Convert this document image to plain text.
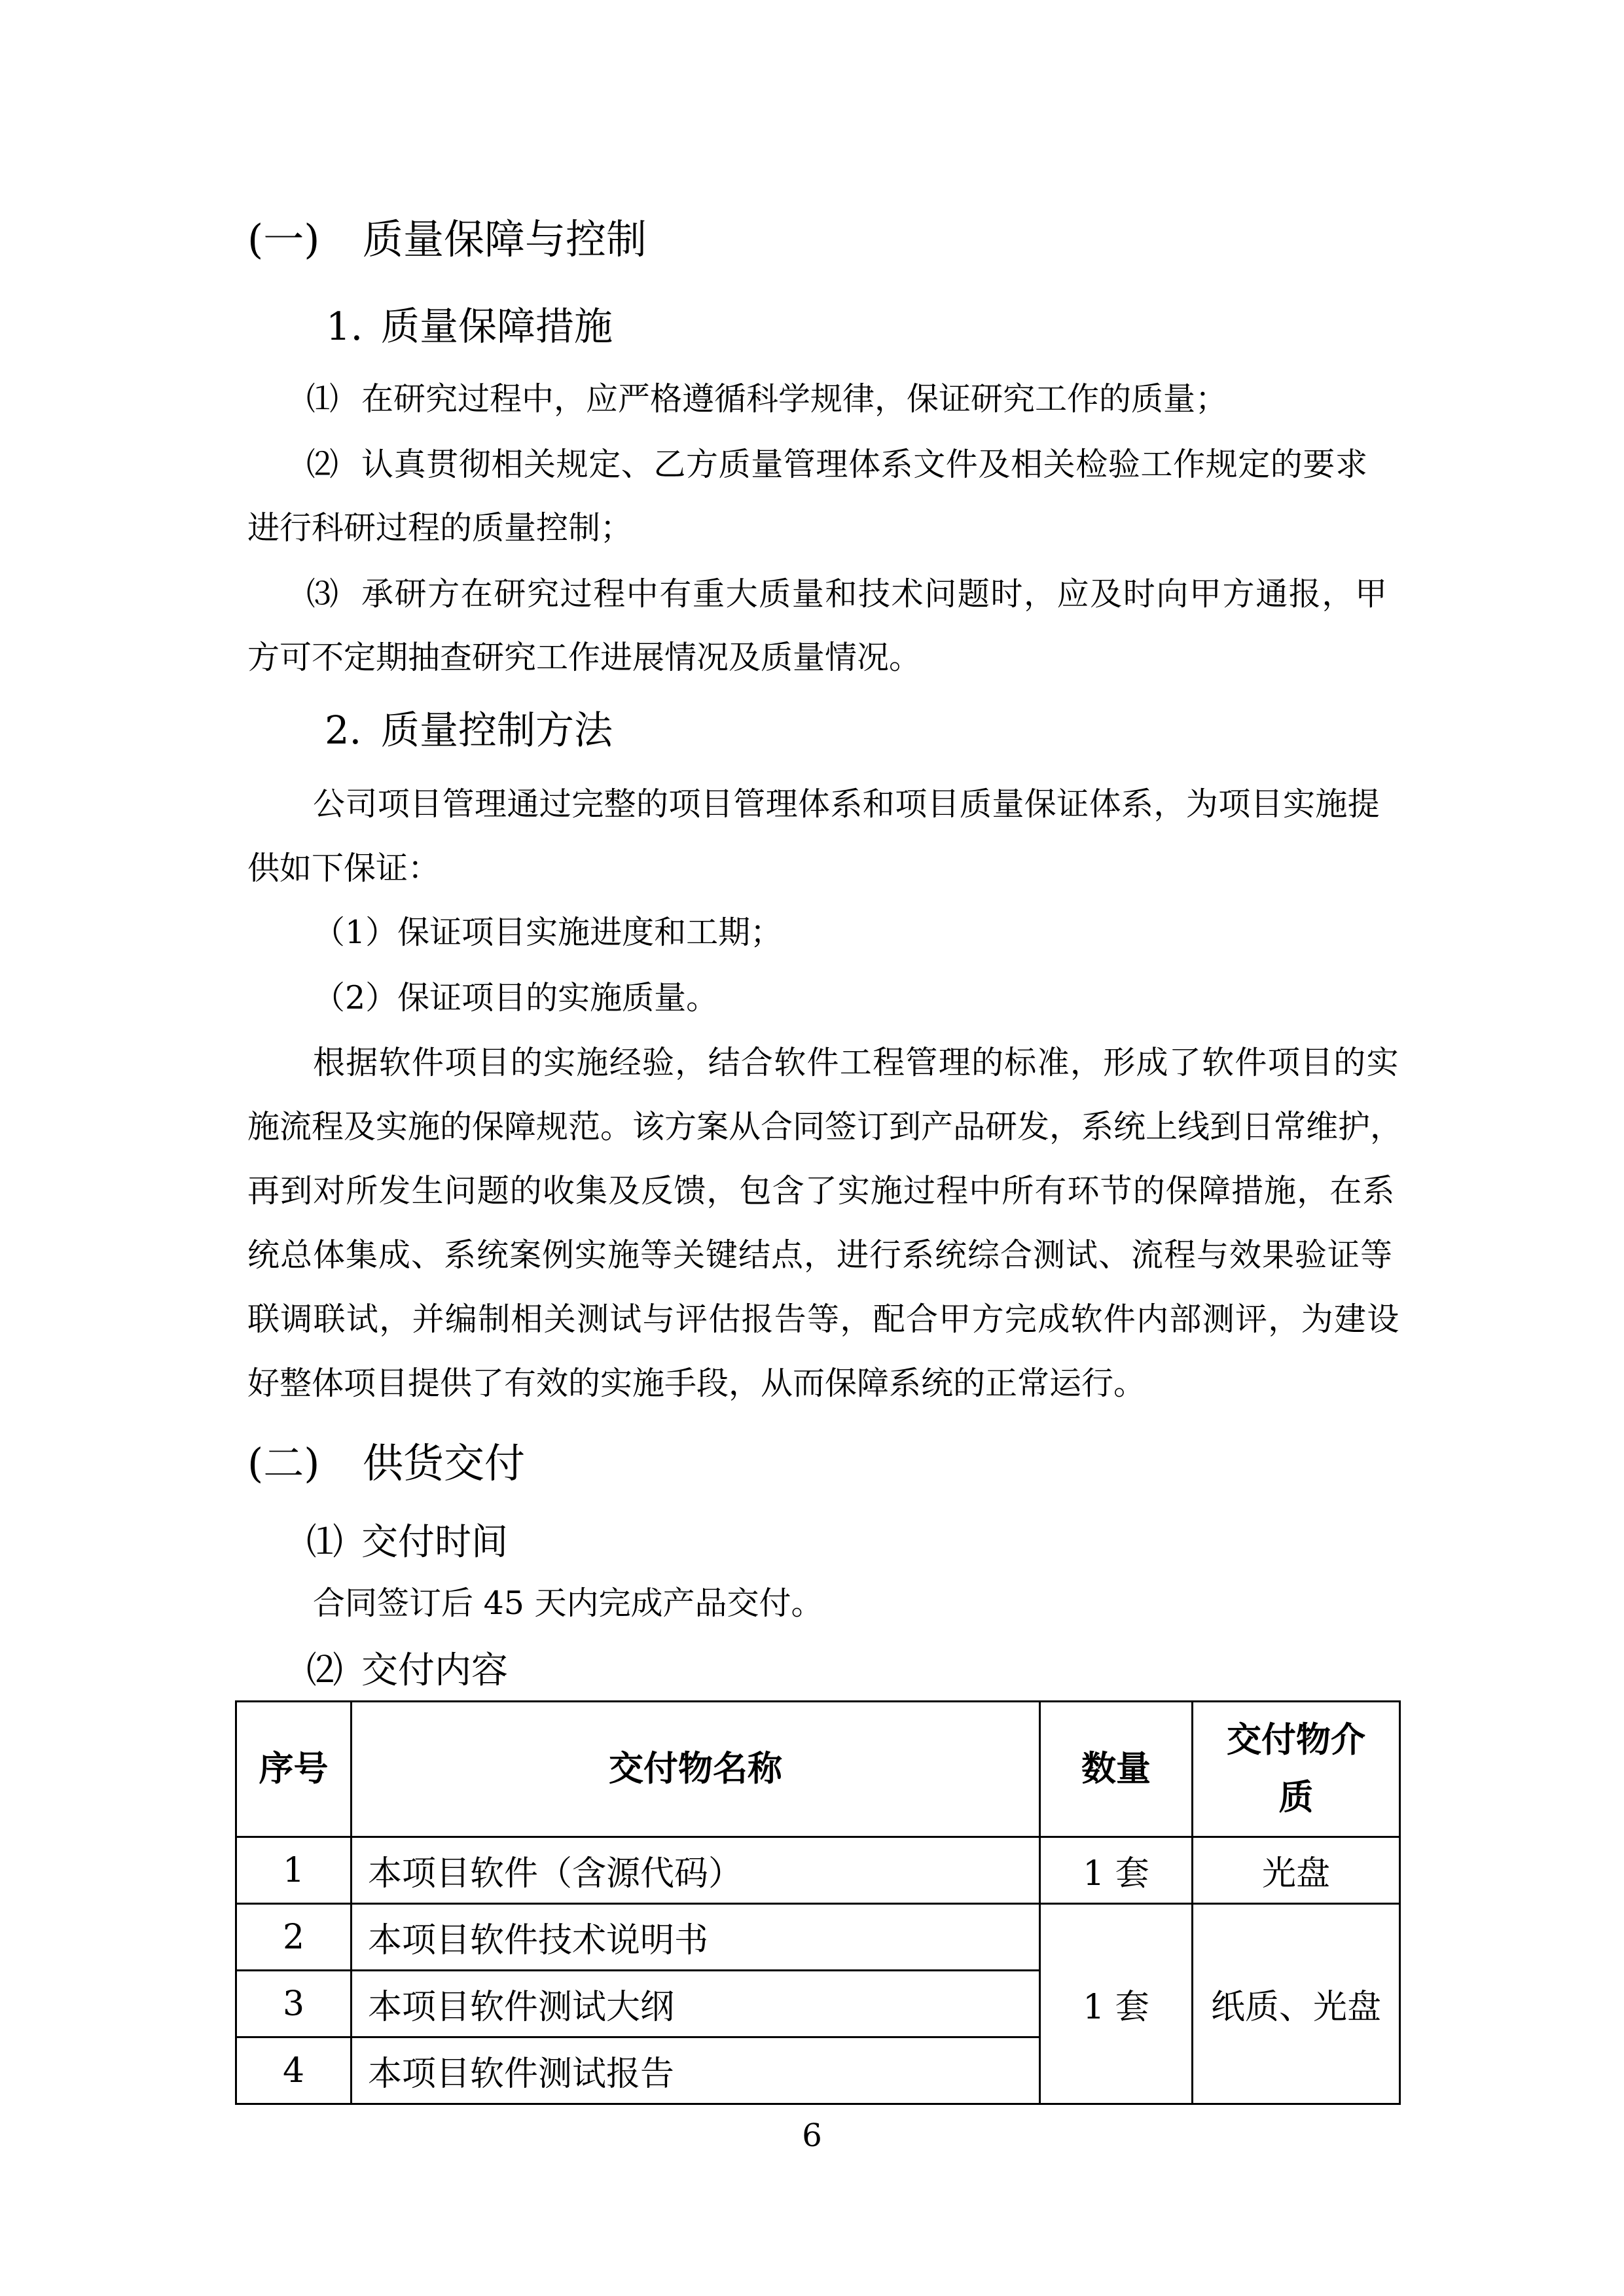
(一) 质量保障与控制
1. 质量保障措施
⑴ 在研究过程中，应严格遵循科学规律，保证研究工作的质量；
⑵ 认真贯彻相关规定、乙方质量管理体系文件及相关检验工作规定的要求
进行科研过程的质量控制；
⑶ 承研方在研究过程中有重大质量和技术问题时，应及时向甲方通报，甲
方可不定期抽查研究工作进展情况及质量情况。
2. 质量控制方法
公司项目管理通过完整的项目管理体系和项目质量保证体系，为项目实施提
供如下保证：
（1）保证项目实施进度和工期；
（2）保证项目的实施质量。
根据软件项目的实施经验，结合软件工程管理的标准，形成了软件项目的实
施流程及实施的保障规范。该方案从合同签订到产品研发，系统上线到日常维护，
再到对所发生问题的收集及反馈，包含了实施过程中所有环节的保障措施，在系
统总体集成、系统案例实施等关键结点，进行系统综合测试、流程与效果验证等
联调联试，并编制相关测试与评估报告等，配合甲方完成软件内部测评，为建设
好整体项目提供了有效的实施手段，从而保障系统的正常运行。
(二) 供货交付
⑴ 交付时间
合同签订后 45 天内完成产品交付。
⑵ 交付内容
序号	交付物名称	数量	交付物介
质
1	本项目软件（含源代码）	1 套	光盘
2	本项目软件技术说明书	1 套	纸质、光盘
3	本项目软件测试大纲		
4	本项目软件测试报告		
6
